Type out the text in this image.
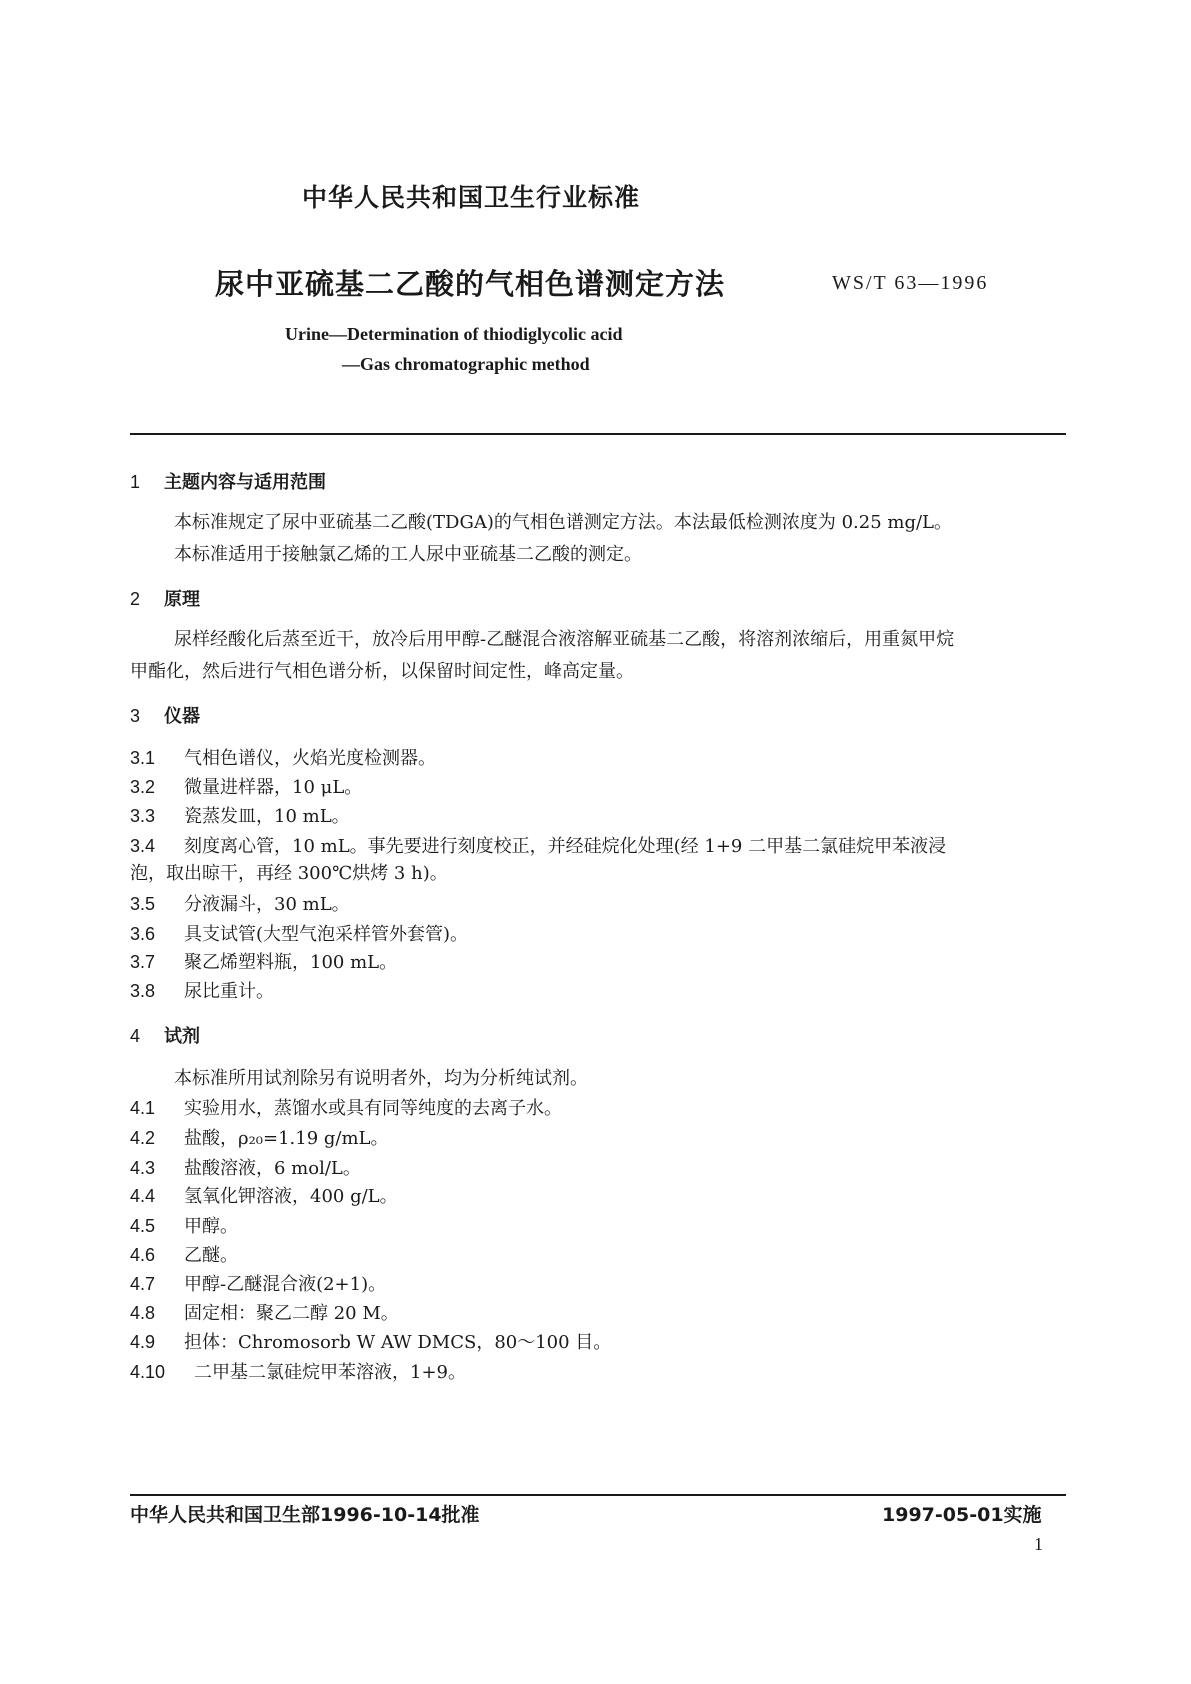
中华人民共和国卫生行业标准
尿中亚硫基二乙酸的气相色谱测定方法	WS/T 63—1996
Urine—Determination of thiodiglycolic acid
—Gas chromatographic method
1 主题内容与适用范围
本标准规定了尿中亚硫基二乙酸(TDGA)的气相色谱测定方法。本法最低检测浓度为 0.25 mg/L。
本标准适用于接触氯乙烯的工人尿中亚硫基二乙酸的测定。
2 原理
尿样经酸化后蒸至近干，放冷后用甲醇-乙醚混合液溶解亚硫基二乙酸，将溶剂浓缩后，用重氮甲烷
甲酯化，然后进行气相色谱分析，以保留时间定性，峰高定量。
3 仪器
3.1 气相色谱仪，火焰光度检测器。
3.2 微量进样器，10 μL。
3.3 瓷蒸发皿，10 mL。
3.4 刻度离心管，10 mL。事先要进行刻度校正，并经硅烷化处理(经 1+9 二甲基二氯硅烷甲苯液浸
泡，取出晾干，再经 300℃烘烤 3 h)。
3.5 分液漏斗，30 mL。
3.6 具支试管(大型气泡采样管外套管)。
3.7 聚乙烯塑料瓶，100 mL。
3.8 尿比重计。
4 试剂
本标准所用试剂除另有说明者外，均为分析纯试剂。
4.1 实验用水，蒸馏水或具有同等纯度的去离子水。
4.2 盐酸，ρ₂₀=1.19 g/mL。
4.3 盐酸溶液，6 mol/L。
4.4 氢氧化钾溶液，400 g/L。
4.5 甲醇。
4.6 乙醚。
4.7 甲醇-乙醚混合液(2+1)。
4.8 固定相：聚乙二醇 20 M。
4.9 担体：Chromosorb W AW DMCS，80～100 目。
4.10 二甲基二氯硅烷甲苯溶液，1+9。
中华人民共和国卫生部1996-10-14批准	1997-05-01实施
1
